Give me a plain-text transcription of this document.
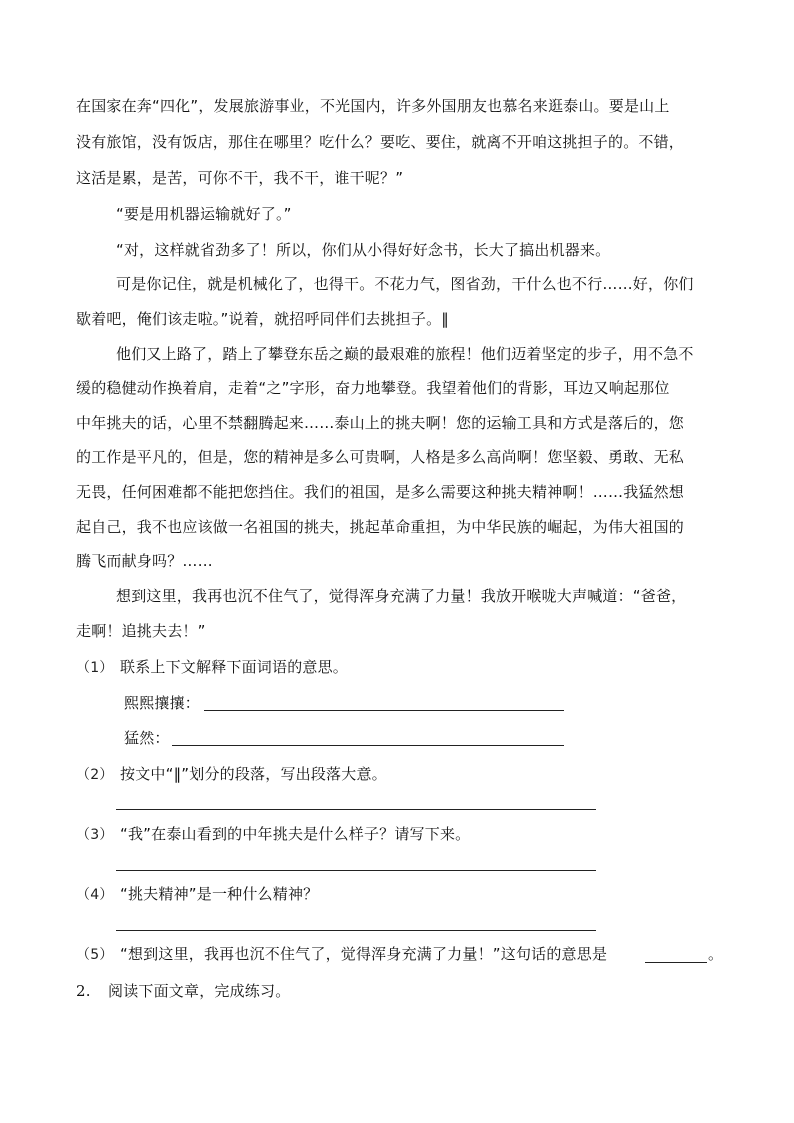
在国家在奔“四化”，发展旅游事业，不光国内，许多外国朋友也慕名来逛泰山。要是山上
没有旅馆，没有饭店，那住在哪里？吃什么？要吃、要住，就离不开咱这挑担子的。不错，
这活是累，是苦，可你不干，我不干，谁干呢？”
“要是用机器运输就好了。”
“对，这样就省劲多了！所以，你们从小得好好念书，长大了搞出机器来。
可是你记住，就是机械化了，也得干。不花力气，图省劲，干什么也不行……好，你们
歇着吧，俺们该走啦。”说着，就招呼同伴们去挑担子。‖
他们又上路了，踏上了攀登东岳之巅的最艰难的旅程！他们迈着坚定的步子，用不急不
缓的稳健动作换着肩，走着“之”字形，奋力地攀登。我望着他们的背影，耳边又响起那位
中年挑夫的话，心里不禁翻腾起来……泰山上的挑夫啊！您的运输工具和方式是落后的，您
的工作是平凡的，但是，您的精神是多么可贵啊，人格是多么高尚啊！您坚毅、勇敢、无私
无畏，任何困难都不能把您挡住。我们的祖国，是多么需要这种挑夫精神啊！……我猛然想
起自己，我不也应该做一名祖国的挑夫，挑起革命重担，为中华民族的崛起，为伟大祖国的
腾飞而献身吗？……
想到这里，我再也沉不住气了，觉得浑身充满了力量！我放开喉咙大声喊道：“爸爸，
走啊！追挑夫去！”
（1） 联系上下文解释下面词语的意思。
熙熙攘攘：
猛然：
（2） 按文中“‖”划分的段落，写出段落大意。
（3） “我”在泰山看到的中年挑夫是什么样子？请写下来。
（4） “挑夫精神”是一种什么精神？
（5） “想到这里，我再也沉不住气了，觉得浑身充满了力量！”这句话的意思是	。
2. 阅读下面文章，完成练习。
